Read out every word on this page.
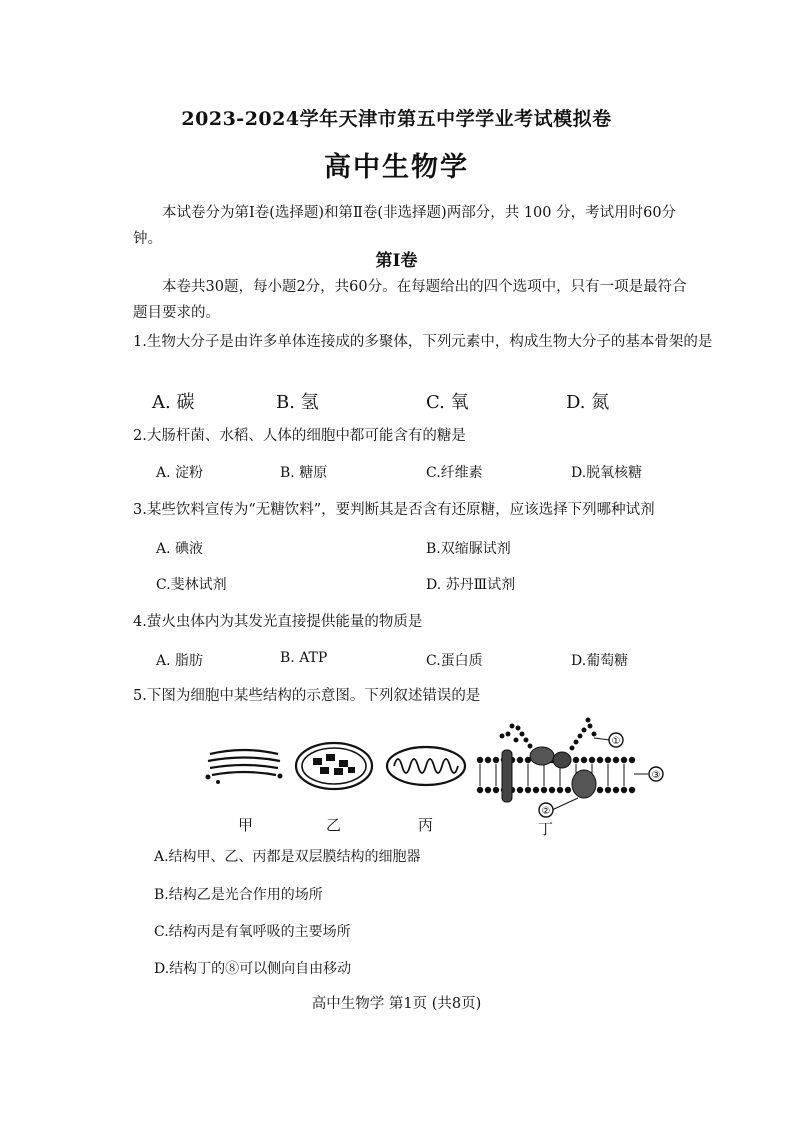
2023-2024学年天津市第五中学学业考试模拟卷
高中生物学
本试卷分为第Ⅰ卷(选择题)和第Ⅱ卷(非选择题)两部分，共 100 分，考试用时60分钟。
第Ⅰ卷
本卷共30题，每小题2分，共60分。在每题给出的四个选项中，只有一项是最符合题目要求的。
1.生物大分子是由许多单体连接成的多聚体，下列元素中，构成生物大分子的基本骨架的是
A. 碳	B. 氢	C. 氧	D. 氮
2.大肠杆菌、水稻、人体的细胞中都可能含有的糖是
A. 淀粉	B. 糖原	C.纤维素	D.脱氧核糖
3.某些饮料宣传为“无糖饮料”，要判断其是否含有还原糖，应该选择下列哪种试剂
A. 碘液	B.双缩脲试剂
C.斐林试剂	D. 苏丹Ⅲ试剂
4.萤火虫体内为其发光直接提供能量的物质是
A. 脂肪	B. ATP	C.蛋白质	D.葡萄糖
5.下图为细胞中某些结构的示意图。下列叙述错误的是
①
②
③
甲	乙	丙	丁
A.结构甲、乙、丙都是双层膜结构的细胞器
B.结构乙是光合作用的场所
C.结构丙是有氧呼吸的主要场所
D.结构丁的⑧可以侧向自由移动
高中生物学 第1页 (共8页)
